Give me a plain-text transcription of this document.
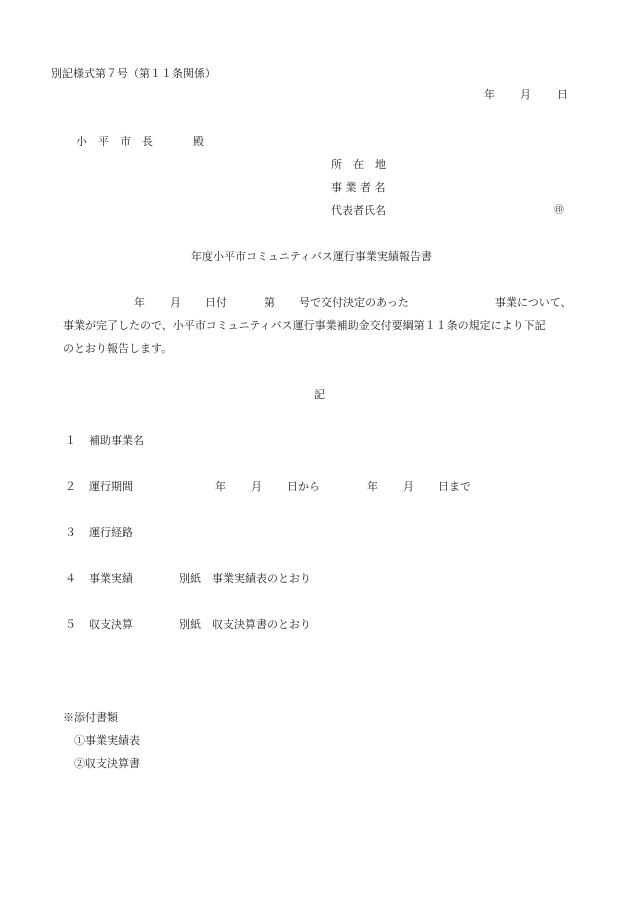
別記様式第７号（第１１条関係）
年 月 日
小　平　市　長	殿
所　在　地
事 業 者 名
代表者氏名	㊞
年度小平市コミュニティバス運行事業実績報告書
年 月 日付	第 号で交付決定のあった	事業について、
事業が完了したので、小平市コミュニティバス運行事業補助金交付要綱第１１条の規定により下記
のとおり報告します。
記
１ 補助事業名
２ 運行期間	年 月 日から	年 月 日まで
３ 運行経路
４ 事業実績	別紙　事業実績表のとおり
５ 収支決算	別紙　収支決算書のとおり
※添付書類
①事業実績表
②収支決算書
